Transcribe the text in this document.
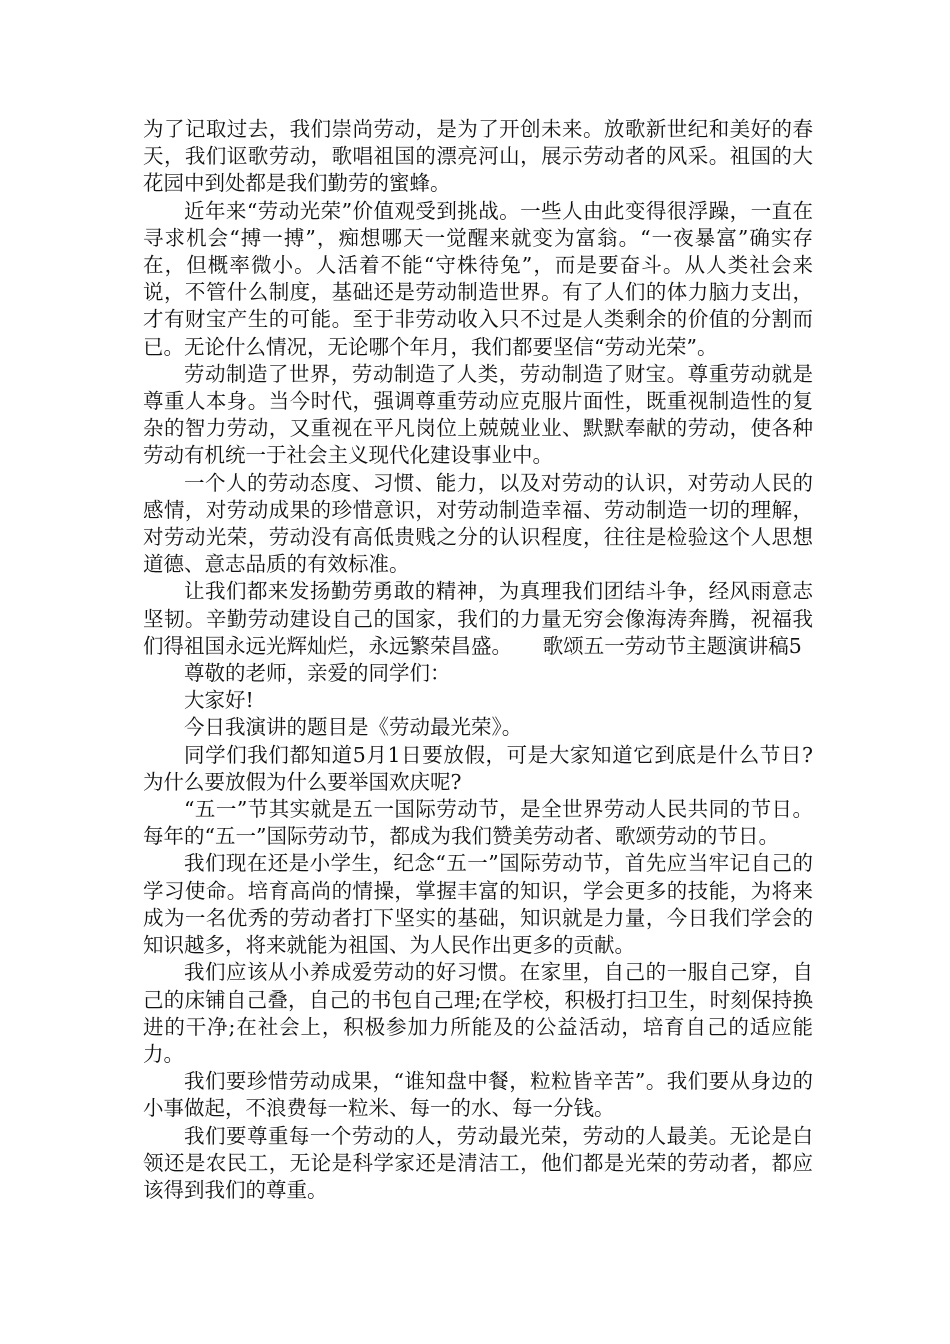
为了记取过去，我们崇尚劳动，是为了开创未来。放歌新世纪和美好的春天，我们讴歌劳动，歌唱祖国的漂亮河山，展示劳动者的风采。祖国的大花园中到处都是我们勤劳的蜜蜂。

近年来“劳动光荣”价值观受到挑战。一些人由此变得很浮躁，一直在寻求机会“搏一搏”，痴想哪天一觉醒来就变为富翁。“一夜暴富”确实存在，但概率微小。人活着不能“守株待兔”，而是要奋斗。从人类社会来说，不管什么制度，基础还是劳动制造世界。有了人们的体力脑力支出，才有财宝产生的可能。至于非劳动收入只不过是人类剩余的价值的分割而已。无论什么情况，无论哪个年月，我们都要坚信“劳动光荣”。

劳动制造了世界，劳动制造了人类，劳动制造了财宝。尊重劳动就是尊重人本身。当今时代，强调尊重劳动应克服片面性，既重视制造性的复杂的智力劳动，又重视在平凡岗位上兢兢业业、默默奉献的劳动，使各种劳动有机统一于社会主义现代化建设事业中。

一个人的劳动态度、习惯、能力，以及对劳动的认识，对劳动人民的感情，对劳动成果的珍惜意识，对劳动制造幸福、劳动制造一切的理解，对劳动光荣，劳动没有高低贵贱之分的认识程度，往往是检验这个人思想道德、意志品质的有效标准。

让我们都来发扬勤劳勇敢的精神，为真理我们团结斗争，经风雨意志坚韧。辛勤劳动建设自己的国家，我们的力量无穷会像海涛奔腾，祝福我们得祖国永远光辉灿烂，永远繁荣昌盛。　　歌颂五一劳动节主题演讲稿5

尊敬的老师，亲爱的同学们：

大家好!

今日我演讲的题目是《劳动最光荣》。

同学们我们都知道5月1日要放假，可是大家知道它到底是什么节日?为什么要放假为什么要举国欢庆呢?

“五一”节其实就是五一国际劳动节，是全世界劳动人民共同的节日。每年的“五一”国际劳动节，都成为我们赞美劳动者、歌颂劳动的节日。

我们现在还是小学生，纪念“五一”国际劳动节，首先应当牢记自己的学习使命。培育高尚的情操，掌握丰富的知识，学会更多的技能，为将来成为一名优秀的劳动者打下坚实的基础，知识就是力量，今日我们学会的知识越多，将来就能为祖国、为人民作出更多的贡献。

我们应该从小养成爱劳动的好习惯。在家里，自己的一服自己穿，自己的床铺自己叠，自己的书包自己理;在学校，积极打扫卫生，时刻保持换进的干净;在社会上，积极参加力所能及的公益活动，培育自己的适应能力。

我们要珍惜劳动成果，“谁知盘中餐，粒粒皆辛苦”。我们要从身边的小事做起，不浪费每一粒米、每一的水、每一分钱。

我们要尊重每一个劳动的人，劳动最光荣，劳动的人最美。无论是白领还是农民工，无论是科学家还是清洁工，他们都是光荣的劳动者，都应该得到我们的尊重。
